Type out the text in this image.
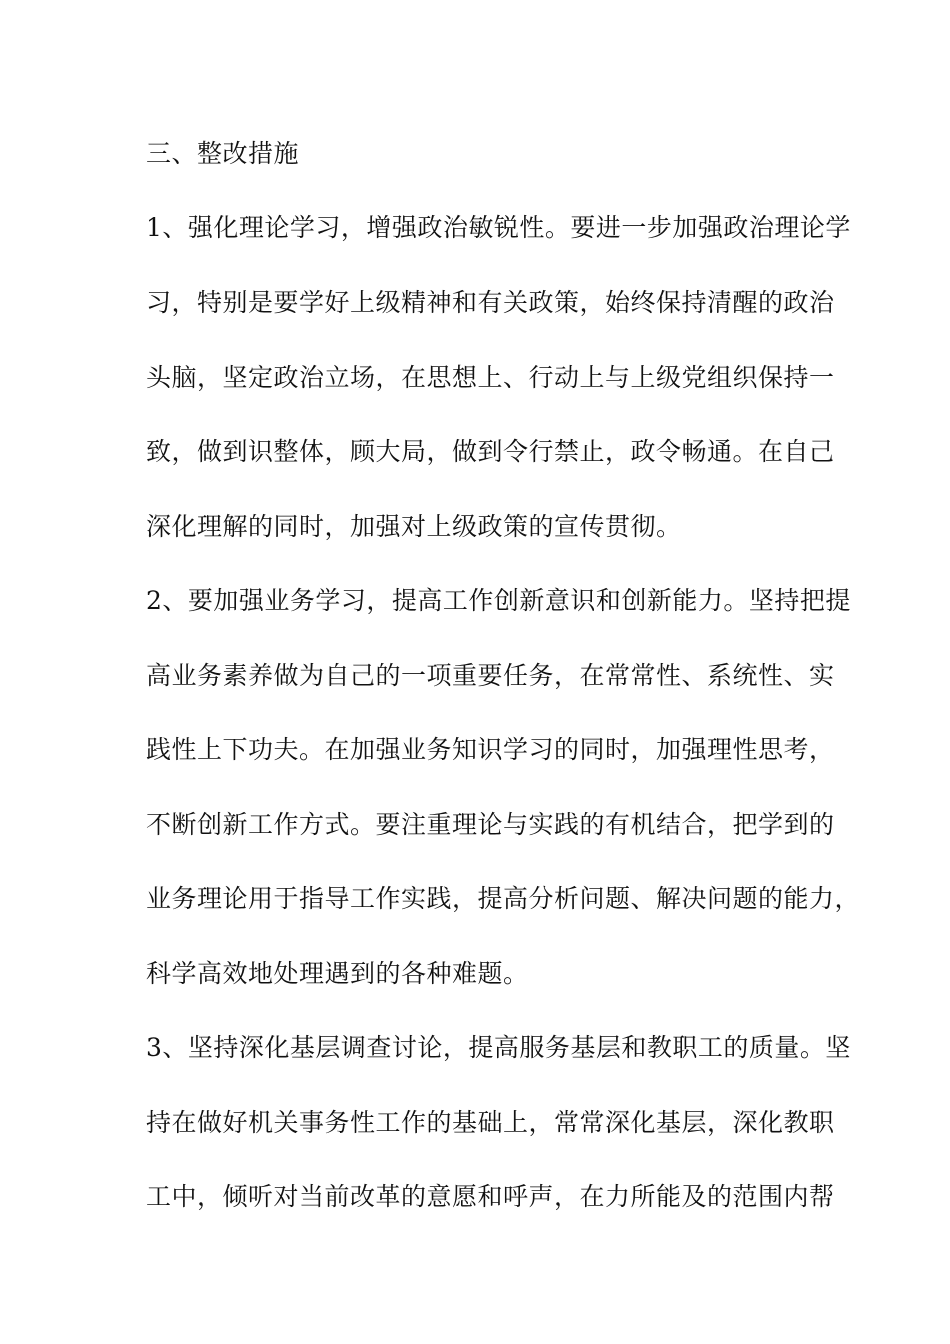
三、整改措施
1、强化理论学习，增强政治敏锐性。要进一步加强政治理论学
习，特别是要学好上级精神和有关政策，始终保持清醒的政治
头脑，坚定政治立场，在思想上、行动上与上级党组织保持一
致，做到识整体，顾大局，做到令行禁止，政令畅通。在自己
深化理解的同时，加强对上级政策的宣传贯彻。
2、要加强业务学习，提高工作创新意识和创新能力。坚持把提
高业务素养做为自己的一项重要任务，在常常性、系统性、实
践性上下功夫。在加强业务知识学习的同时，加强理性思考，
不断创新工作方式。要注重理论与实践的有机结合，把学到的
业务理论用于指导工作实践，提高分析问题、解决问题的能力，
科学高效地处理遇到的各种难题。
3、坚持深化基层调查讨论，提高服务基层和教职工的质量。坚
持在做好机关事务性工作的基础上，常常深化基层，深化教职
工中，倾听对当前改革的意愿和呼声，在力所能及的范围内帮
